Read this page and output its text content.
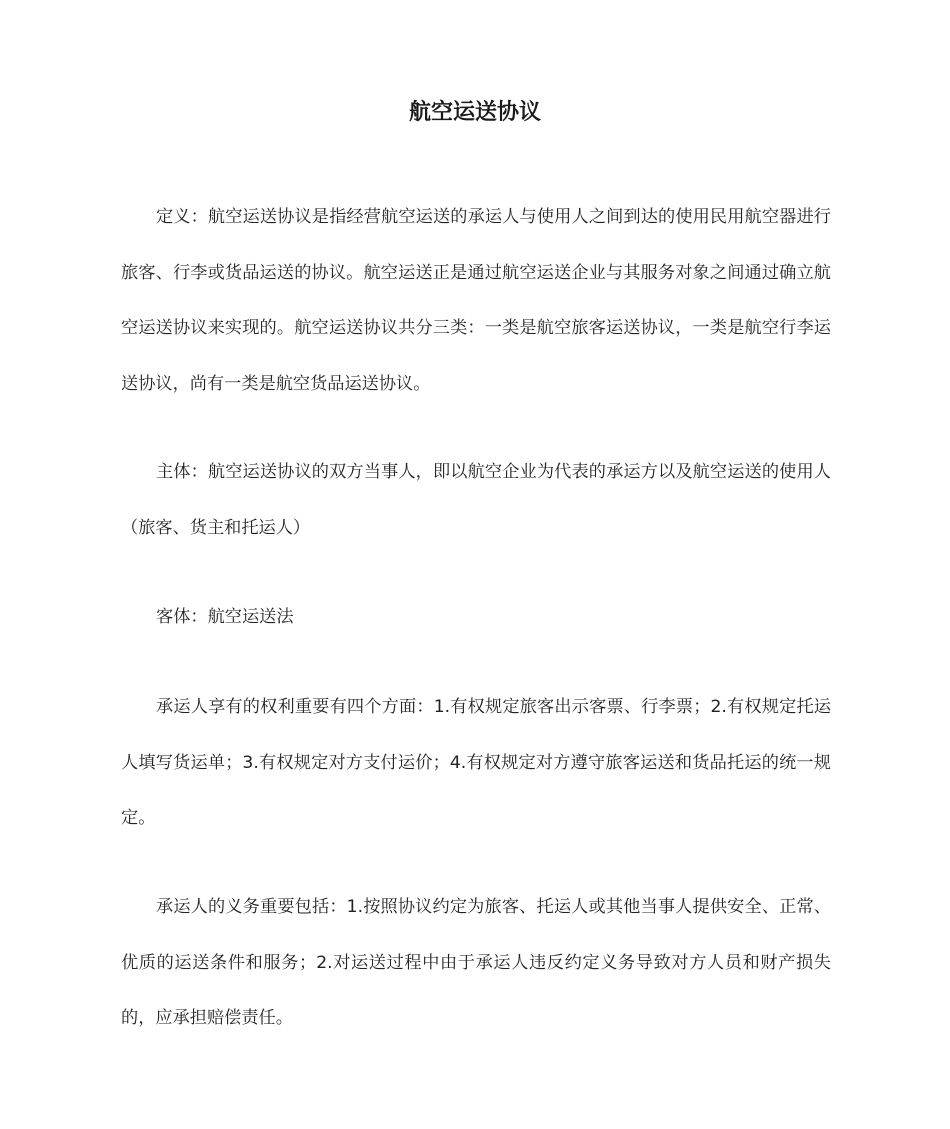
航空运送协议

定义：航空运送协议是指经营航空运送的承运人与使用人之间到达的使用民用航空器进行旅客、行李或货品运送的协议。航空运送正是通过航空运送企业与其服务对象之间通过确立航空运送协议来实现的。航空运送协议共分三类：一类是航空旅客运送协议，一类是航空行李运送协议，尚有一类是航空货品运送协议。

主体：航空运送协议的双方当事人，即以航空企业为代表的承运方以及航空运送的使用人（旅客、货主和托运人）

客体：航空运送法

承运人享有的权利重要有四个方面：1.有权规定旅客出示客票、行李票；2.有权规定托运人填写货运单；3.有权规定对方支付运价；4.有权规定对方遵守旅客运送和货品托运的统一规定。

承运人的义务重要包括：1.按照协议约定为旅客、托运人或其他当事人提供安全、正常、优质的运送条件和服务；2.对运送过程中由于承运人违反约定义务导致对方人员和财产损失的，应承担赔偿责任。
